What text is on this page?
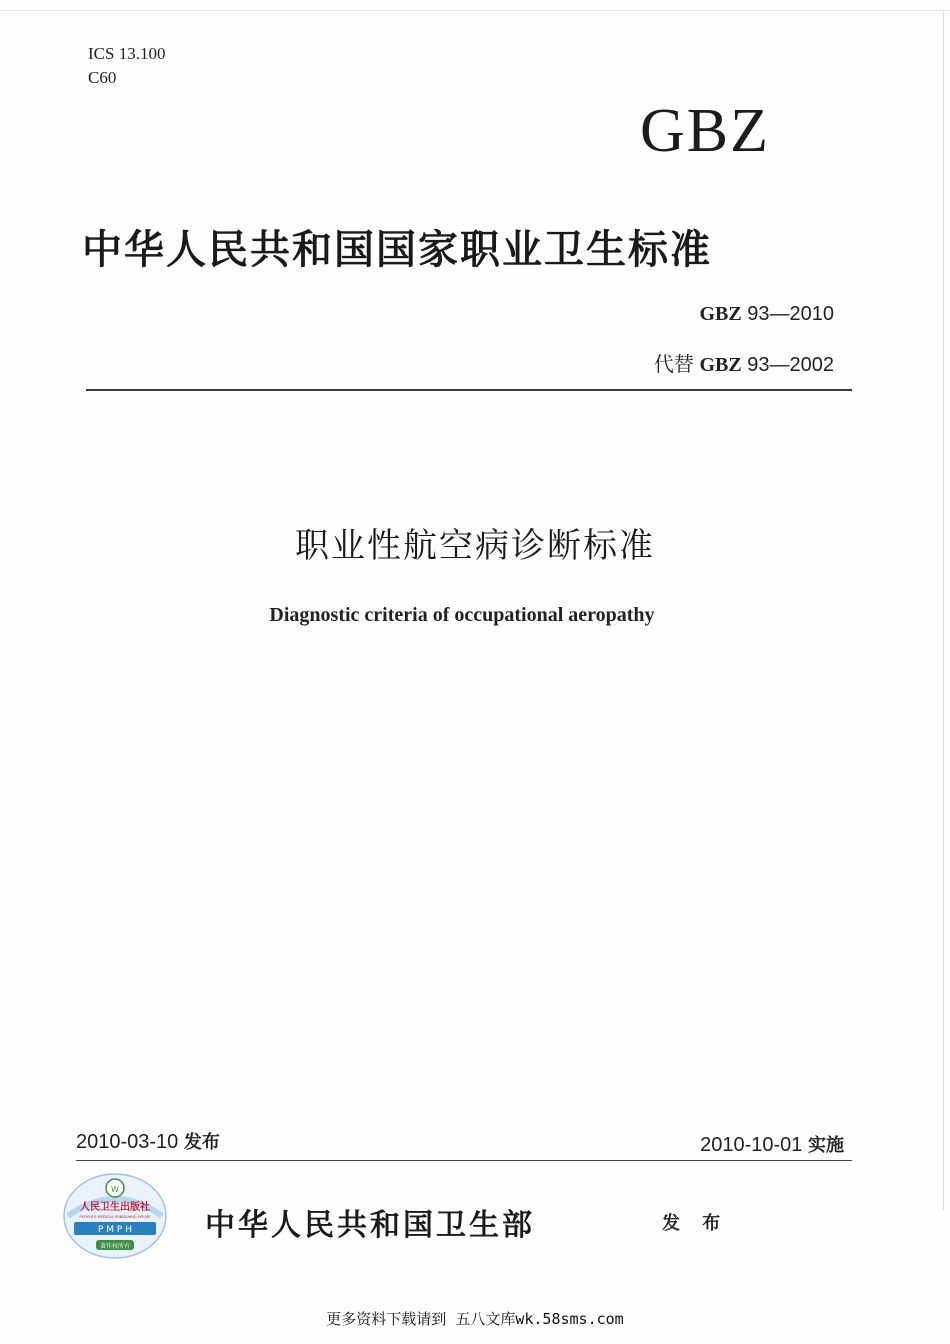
ICS 13.100
C60
GBZ
中华人民共和国国家职业卫生标准
GBZ 93—2010
代替 GBZ 93—2002
职业性航空病诊断标准
Diagnostic criteria of occupational aeropathy
2010-03-10 发布	2010-10-01 实施
W
人民卫生出版社
PEOPLE'S MEDICAL PUBLISHING HOUSE
P M P H
著作权所有
中华人民共和国卫生部	发 布
更多资料下载请到 五八文库wk.58sms.com
